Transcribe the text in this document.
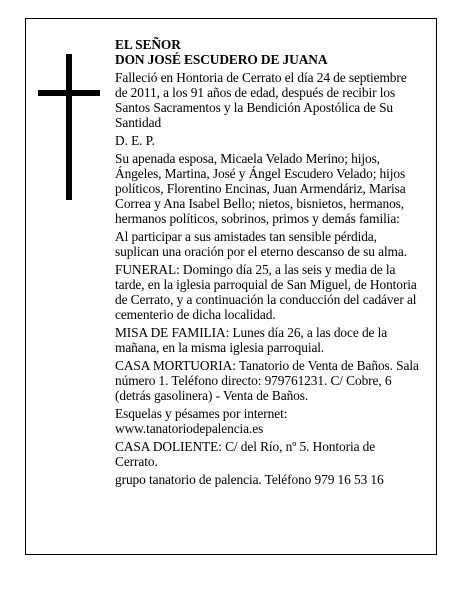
EL SEÑOR

DON JOSÉ ESCUDERO DE JUANA

Falleció en Hontoria de Cerrato el día 24 de septiembre de 2011, a los 91 años de edad, después de recibir los Santos Sacramentos y la Bendición Apostólica de Su Santidad

D. E. P.

Su apenada esposa, Micaela Velado Merino; hijos, Ángeles, Martina, José y Ángel Escudero Velado; hijos políticos, Florentino Encinas, Juan Armendáriz, Marisa Correa y Ana Isabel Bello; nietos, bisnietos, hermanos, hermanos políticos, sobrinos, primos y demás familia:

Al participar a sus amistades tan sensible pérdida, suplican una oración por el eterno descanso de su alma.

FUNERAL: Domingo día 25, a las seis y media de la tarde, en la iglesia parroquial de San Miguel, de Hontoria de Cerrato, y a continuación la conducción del cadáver al cementerio de dicha localidad.

MISA DE FAMILIA: Lunes día 26, a las doce de la mañana, en la misma iglesia parroquial.

CASA MORTUORIA: Tanatorio de Venta de Baños. Sala número 1. Teléfono directo: 979761231. C/ Cobre, 6 (detrás gasolinera) - Venta de Baños.

Esquelas y pésames por internet:

www.tanatoriodepalencia.es

CASA DOLIENTE: C/ del Río, nº 5. Hontoria de Cerrato.

grupo tanatorio de palencia. Teléfono 979 16 53 16
